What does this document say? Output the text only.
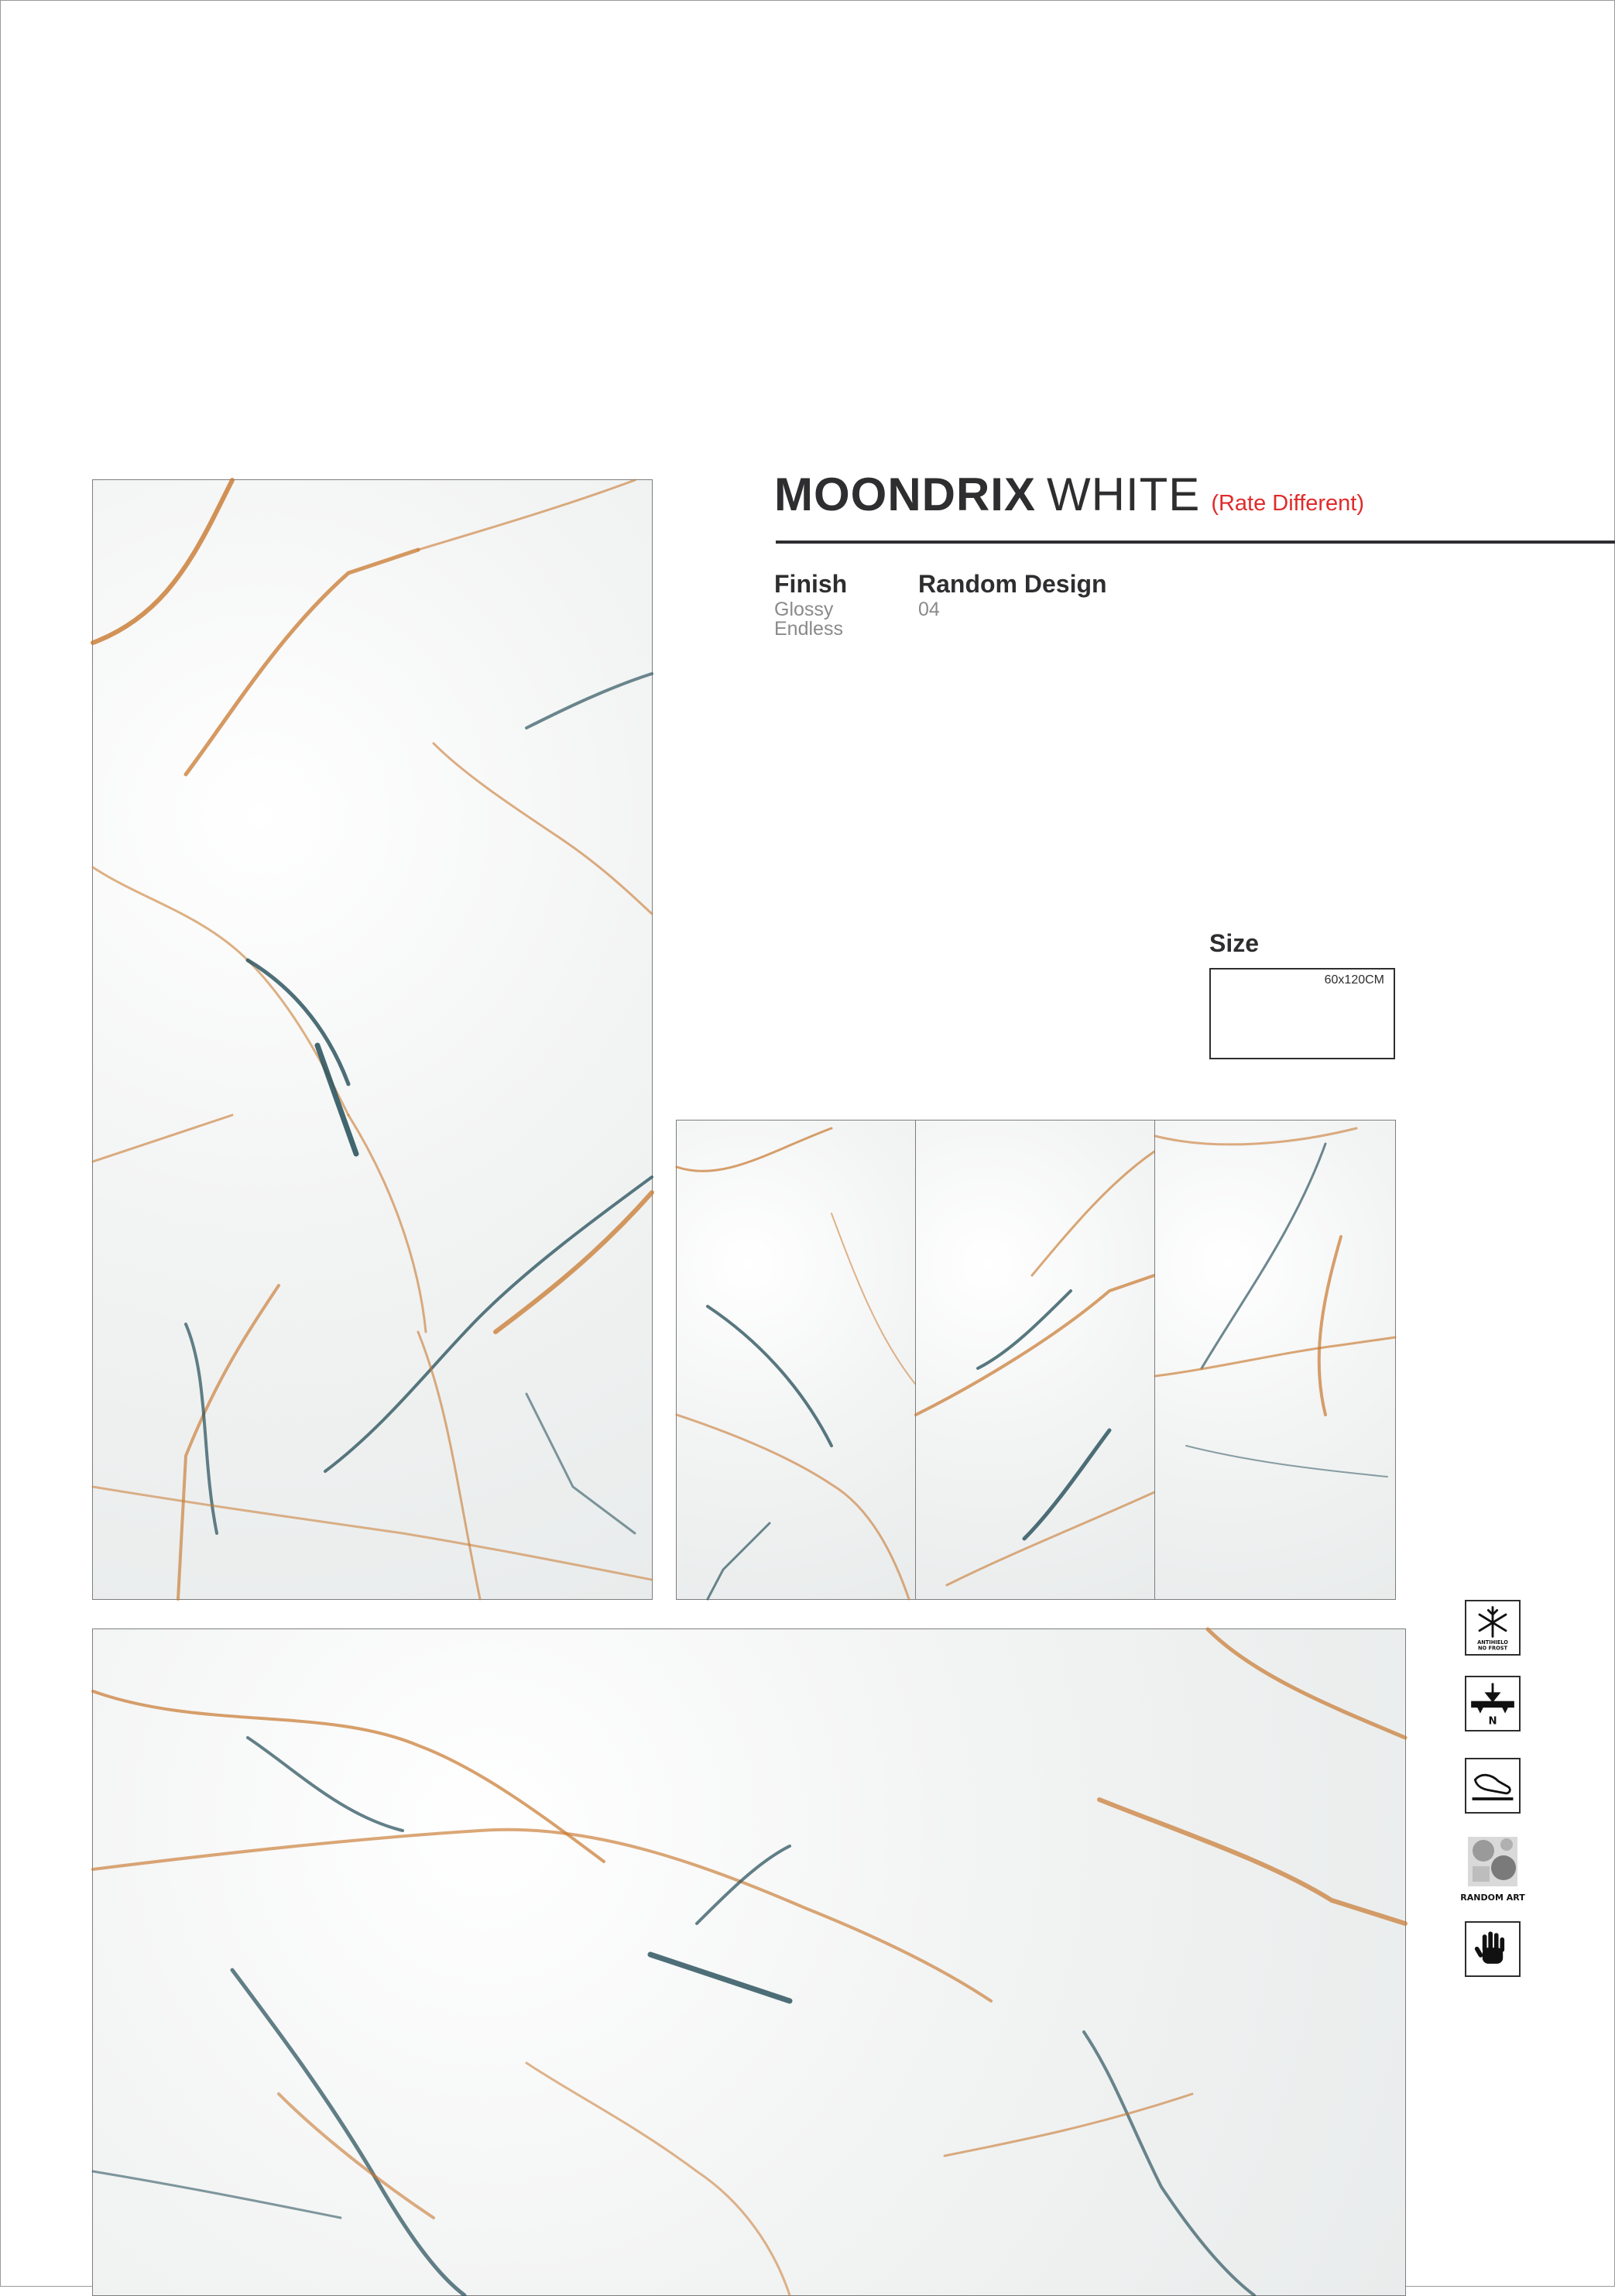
MOONDRIX WHITE (Rate Different)
Finish
Glossy
Endless
Random Design
04
Size
60x120CM
ANTIHIELO
NO FROST
N
RANDOM ART
